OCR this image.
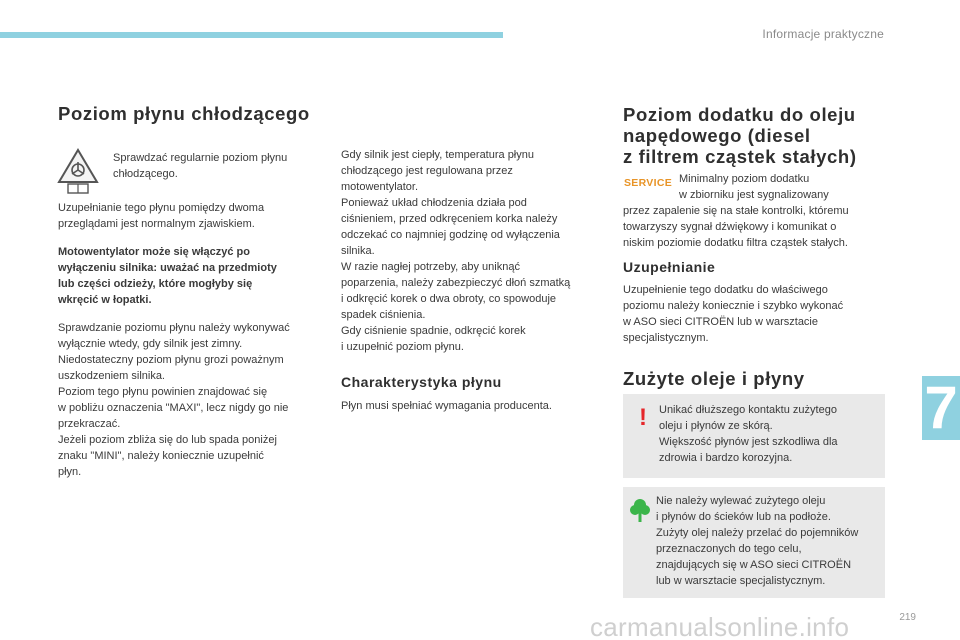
Informacje praktyczne
7
Poziom płynu chłodzącego

Sprawdzać regularnie poziom płynu

chłodzącego.

Uzupełnianie tego płynu pomiędzy dwoma

przeglądami jest normalnym zjawiskiem.

Motowentylator może się włączyć po

wyłączeniu silnika: uważać na przedmioty

lub części odzieży, które mogłyby się

wkręcić w łopatki.

Sprawdzanie poziomu płynu należy wykonywać

wyłącznie wtedy, gdy silnik jest zimny.

Niedostateczny poziom płynu grozi poważnym

uszkodzeniem silnika.

Poziom tego płynu powinien znajdować się

w pobliżu oznaczenia "MAXI", lecz nigdy go nie

przekraczać.

Jeżeli poziom zbliża się do lub spada poniżej

znaku "MINI", należy koniecznie uzupełnić

płyn.

Gdy silnik jest ciepły, temperatura płynu

chłodzącego jest regulowana przez

motowentylator.

Ponieważ układ chłodzenia działa pod

ciśnieniem, przed odkręceniem korka należy

odczekać co najmniej godzinę od wyłączenia

silnika.

W razie nagłej potrzeby, aby uniknąć

poparzenia, należy zabezpieczyć dłoń szmatką

i odkręcić korek o dwa obroty, co spowoduje

spadek ciśnienia.

Gdy ciśnienie spadnie, odkręcić korek

i uzupełnić poziom płynu.

Charakterystyka płynu

Płyn musi spełniać wymagania producenta.

Poziom dodatku do oleju
napędowego (diesel
z filtrem cząstek stałych)
SERVICE Minimalny poziom dodatku

w zbiorniku jest sygnalizowany

przez zapalenie się na stałe kontrolki, któremu

towarzyszy sygnał dźwiękowy i komunikat o

niskim poziomie dodatku filtra cząstek stałych.

Uzupełnianie

Uzupełnienie tego dodatku do właściwego

poziomu należy koniecznie i szybko wykonać

w ASO sieci CITROËN lub w warsztacie

specjalistycznym.

Zużyte oleje i płyny
! Unikać dłuższego kontaktu zużytego

oleju i płynów ze skórą.

Większość płynów jest szkodliwa dla

zdrowia i bardzo korozyjna.

Nie należy wylewać zużytego oleju

i płynów do ścieków lub na podłoże.

Zużyty olej należy przelać do pojemników

przeznaczonych do tego celu,

znajdujących się w ASO sieci CITROËN

lub w warsztacie specjalistycznym.

carmanualsonline.info	219
